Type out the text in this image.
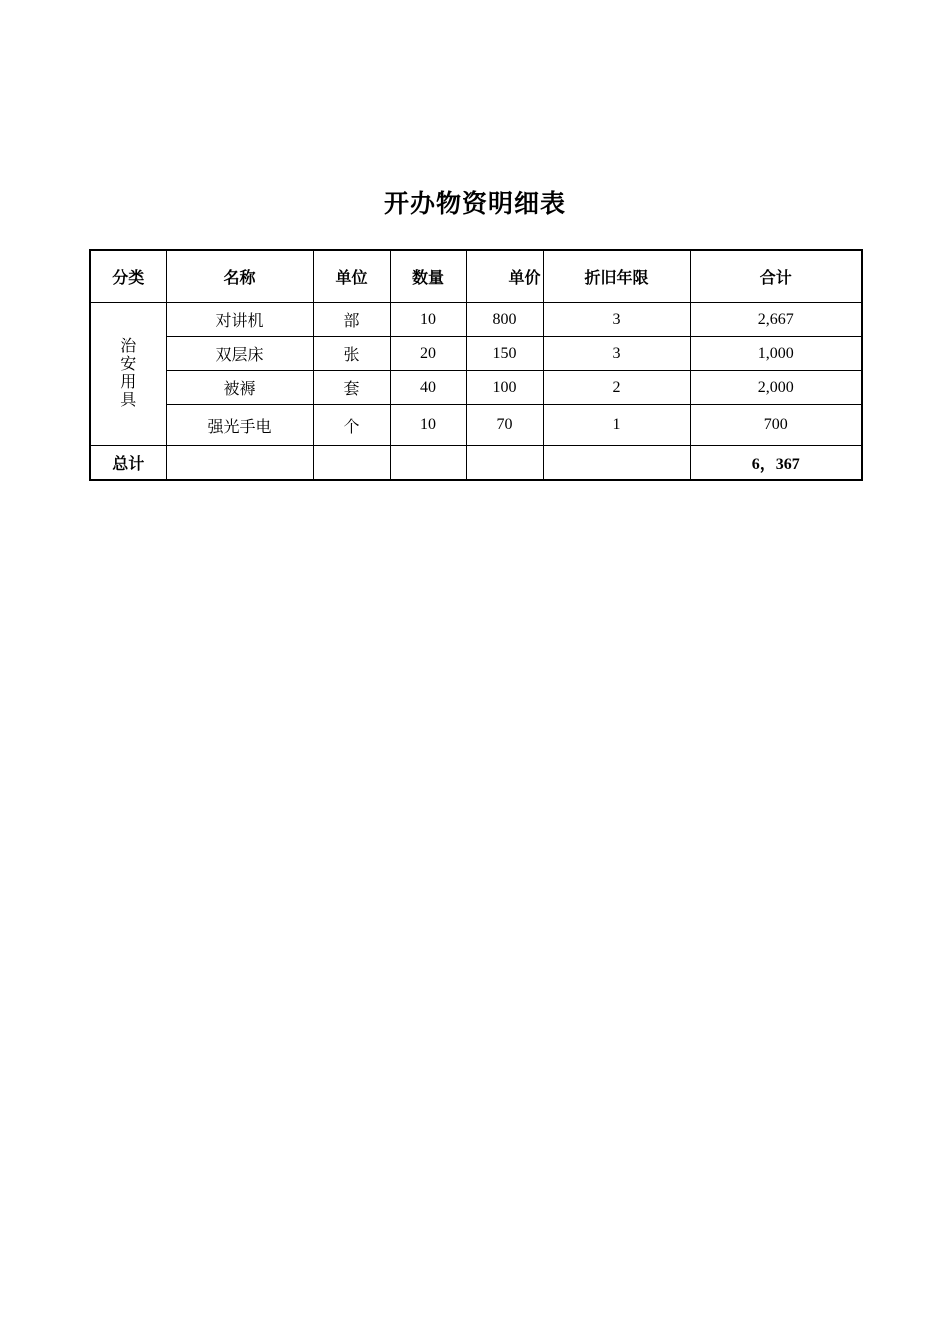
开办物资明细表
分类	名称	单位	数量	单价	折旧年限	合计
治安用具	对讲机	部	10	800	3	2,667
	双层床	张	20	150	3	1,000
	被褥	套	40	100	2	2,000
	强光手电	个	10	70	1	700
总计						6，367
